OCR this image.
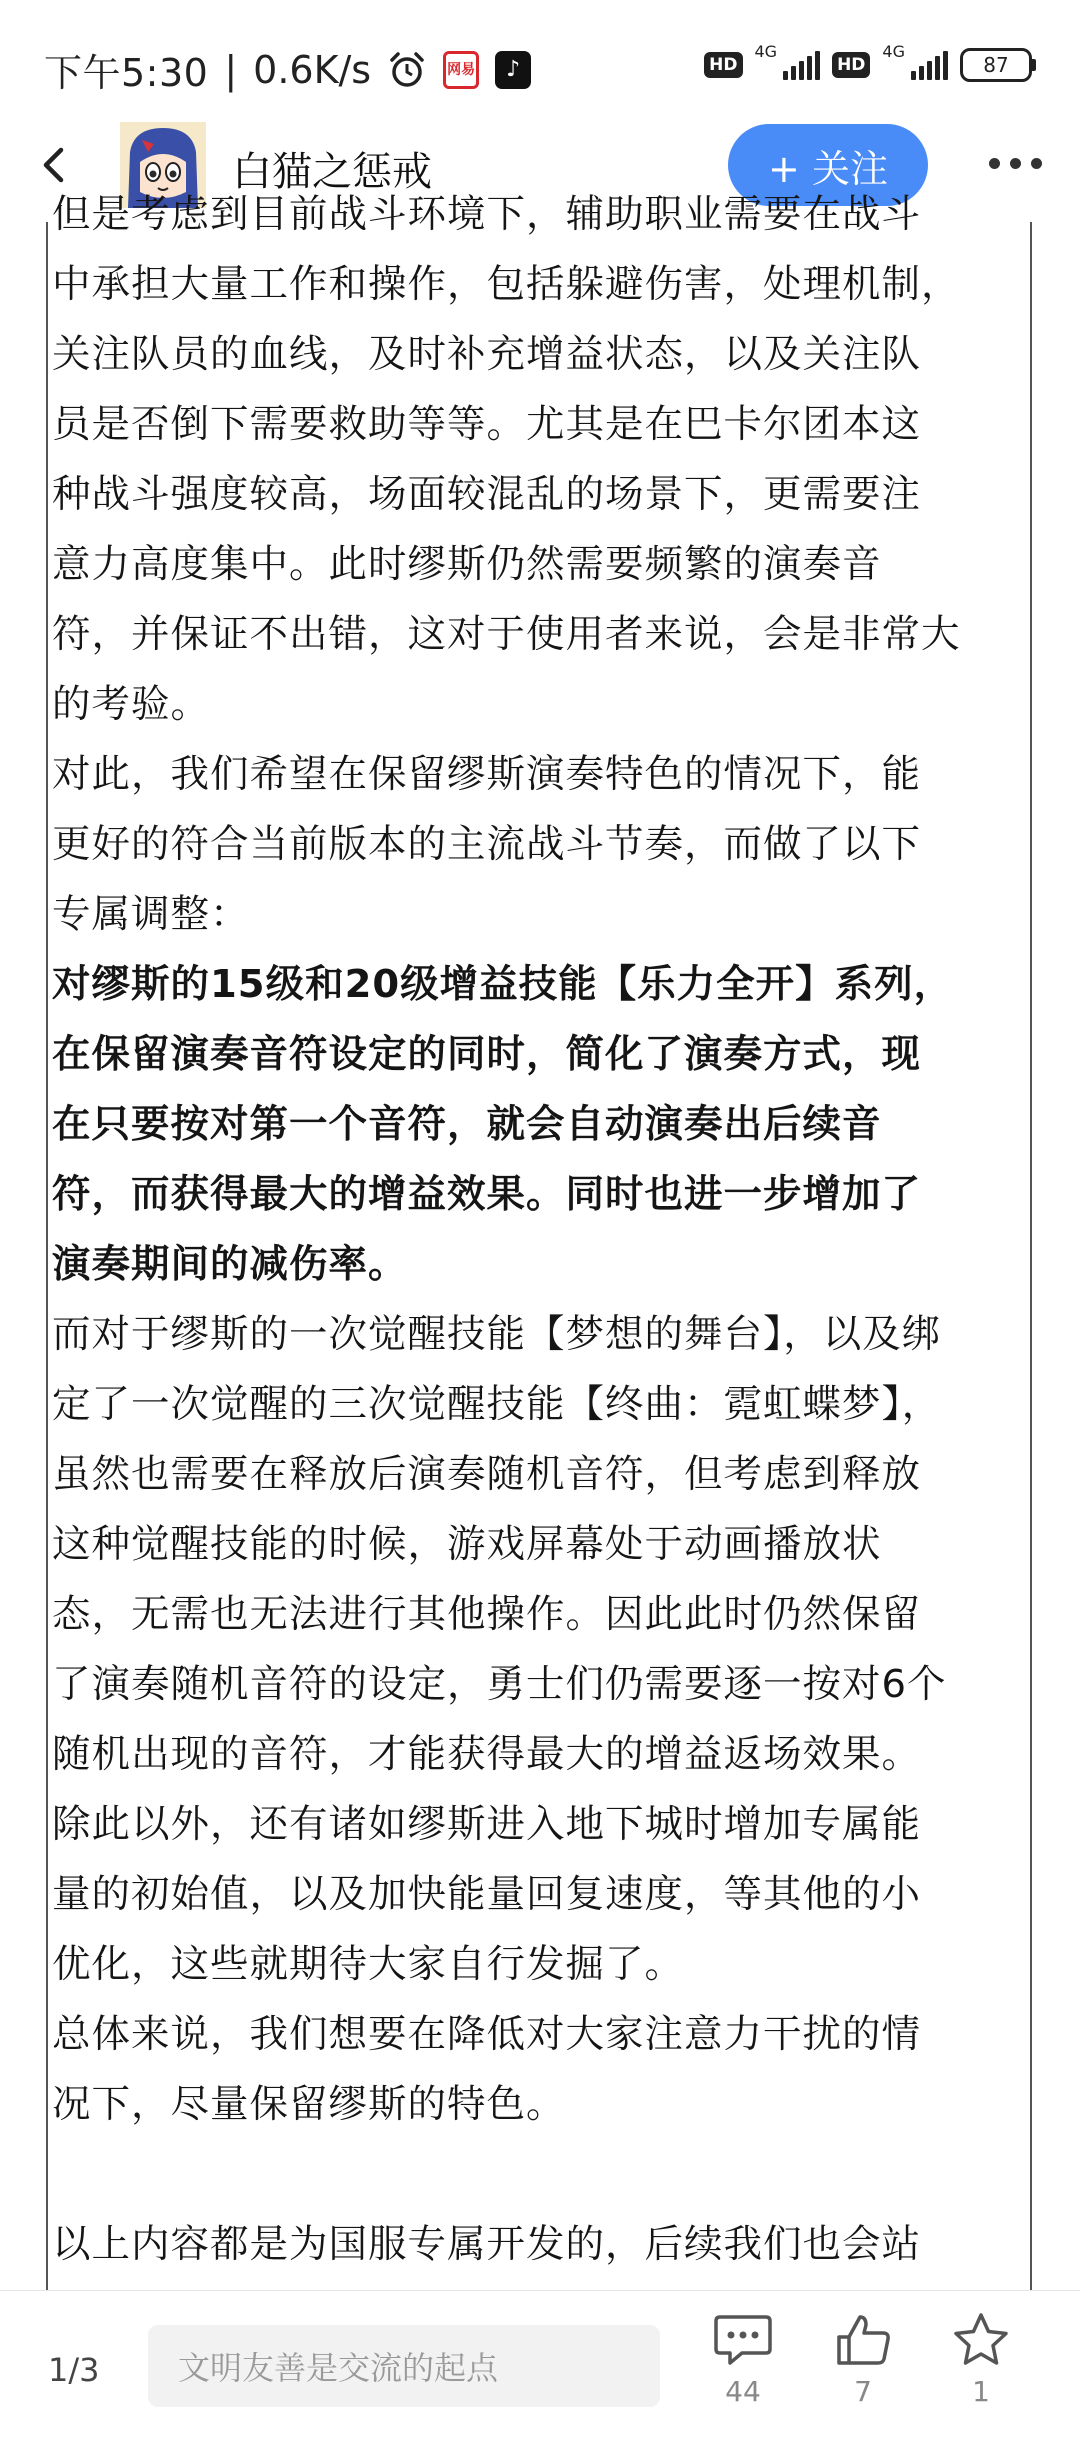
下午5:30 | 0.6K/s	网易	♪	HD
4G
HD
4G
87
白猫之惩戒	+ 关注
但是考虑到目前战斗环境下，辅助职业需要在战斗
中承担大量工作和操作，包括躲避伤害，处理机制，
关注队员的血线，及时补充增益状态，以及关注队
员是否倒下需要救助等等。尤其是在巴卡尔团本这
种战斗强度较高，场面较混乱的场景下，更需要注
意力高度集中。此时缪斯仍然需要频繁的演奏音
符，并保证不出错，这对于使用者来说，会是非常大
的考验。
对此，我们希望在保留缪斯演奏特色的情况下，能
更好的符合当前版本的主流战斗节奏，而做了以下
专属调整：
对缪斯的15级和20级增益技能【乐力全开】系列，
在保留演奏音符设定的同时，简化了演奏方式，现
在只要按对第一个音符，就会自动演奏出后续音
符，而获得最大的增益效果。同时也进一步增加了
演奏期间的减伤率。
而对于缪斯的一次觉醒技能【梦想的舞台】，以及绑
定了一次觉醒的三次觉醒技能【终曲：霓虹蝶梦】，
虽然也需要在释放后演奏随机音符，但考虑到释放
这种觉醒技能的时候，游戏屏幕处于动画播放状
态，无需也无法进行其他操作。因此此时仍然保留
了演奏随机音符的设定，勇士们仍需要逐一按对6个
随机出现的音符，才能获得最大的增益返场效果。
除此以外，还有诸如缪斯进入地下城时增加专属能
量的初始值，以及加快能量回复速度，等其他的小
优化，这些就期待大家自行发掘了。
总体来说，我们想要在降低对大家注意力干扰的情
况下，尽量保留缪斯的特色。
以上内容都是为国服专属开发的，后续我们也会站
1/3	文明友善是交流的起点
44	7	1
